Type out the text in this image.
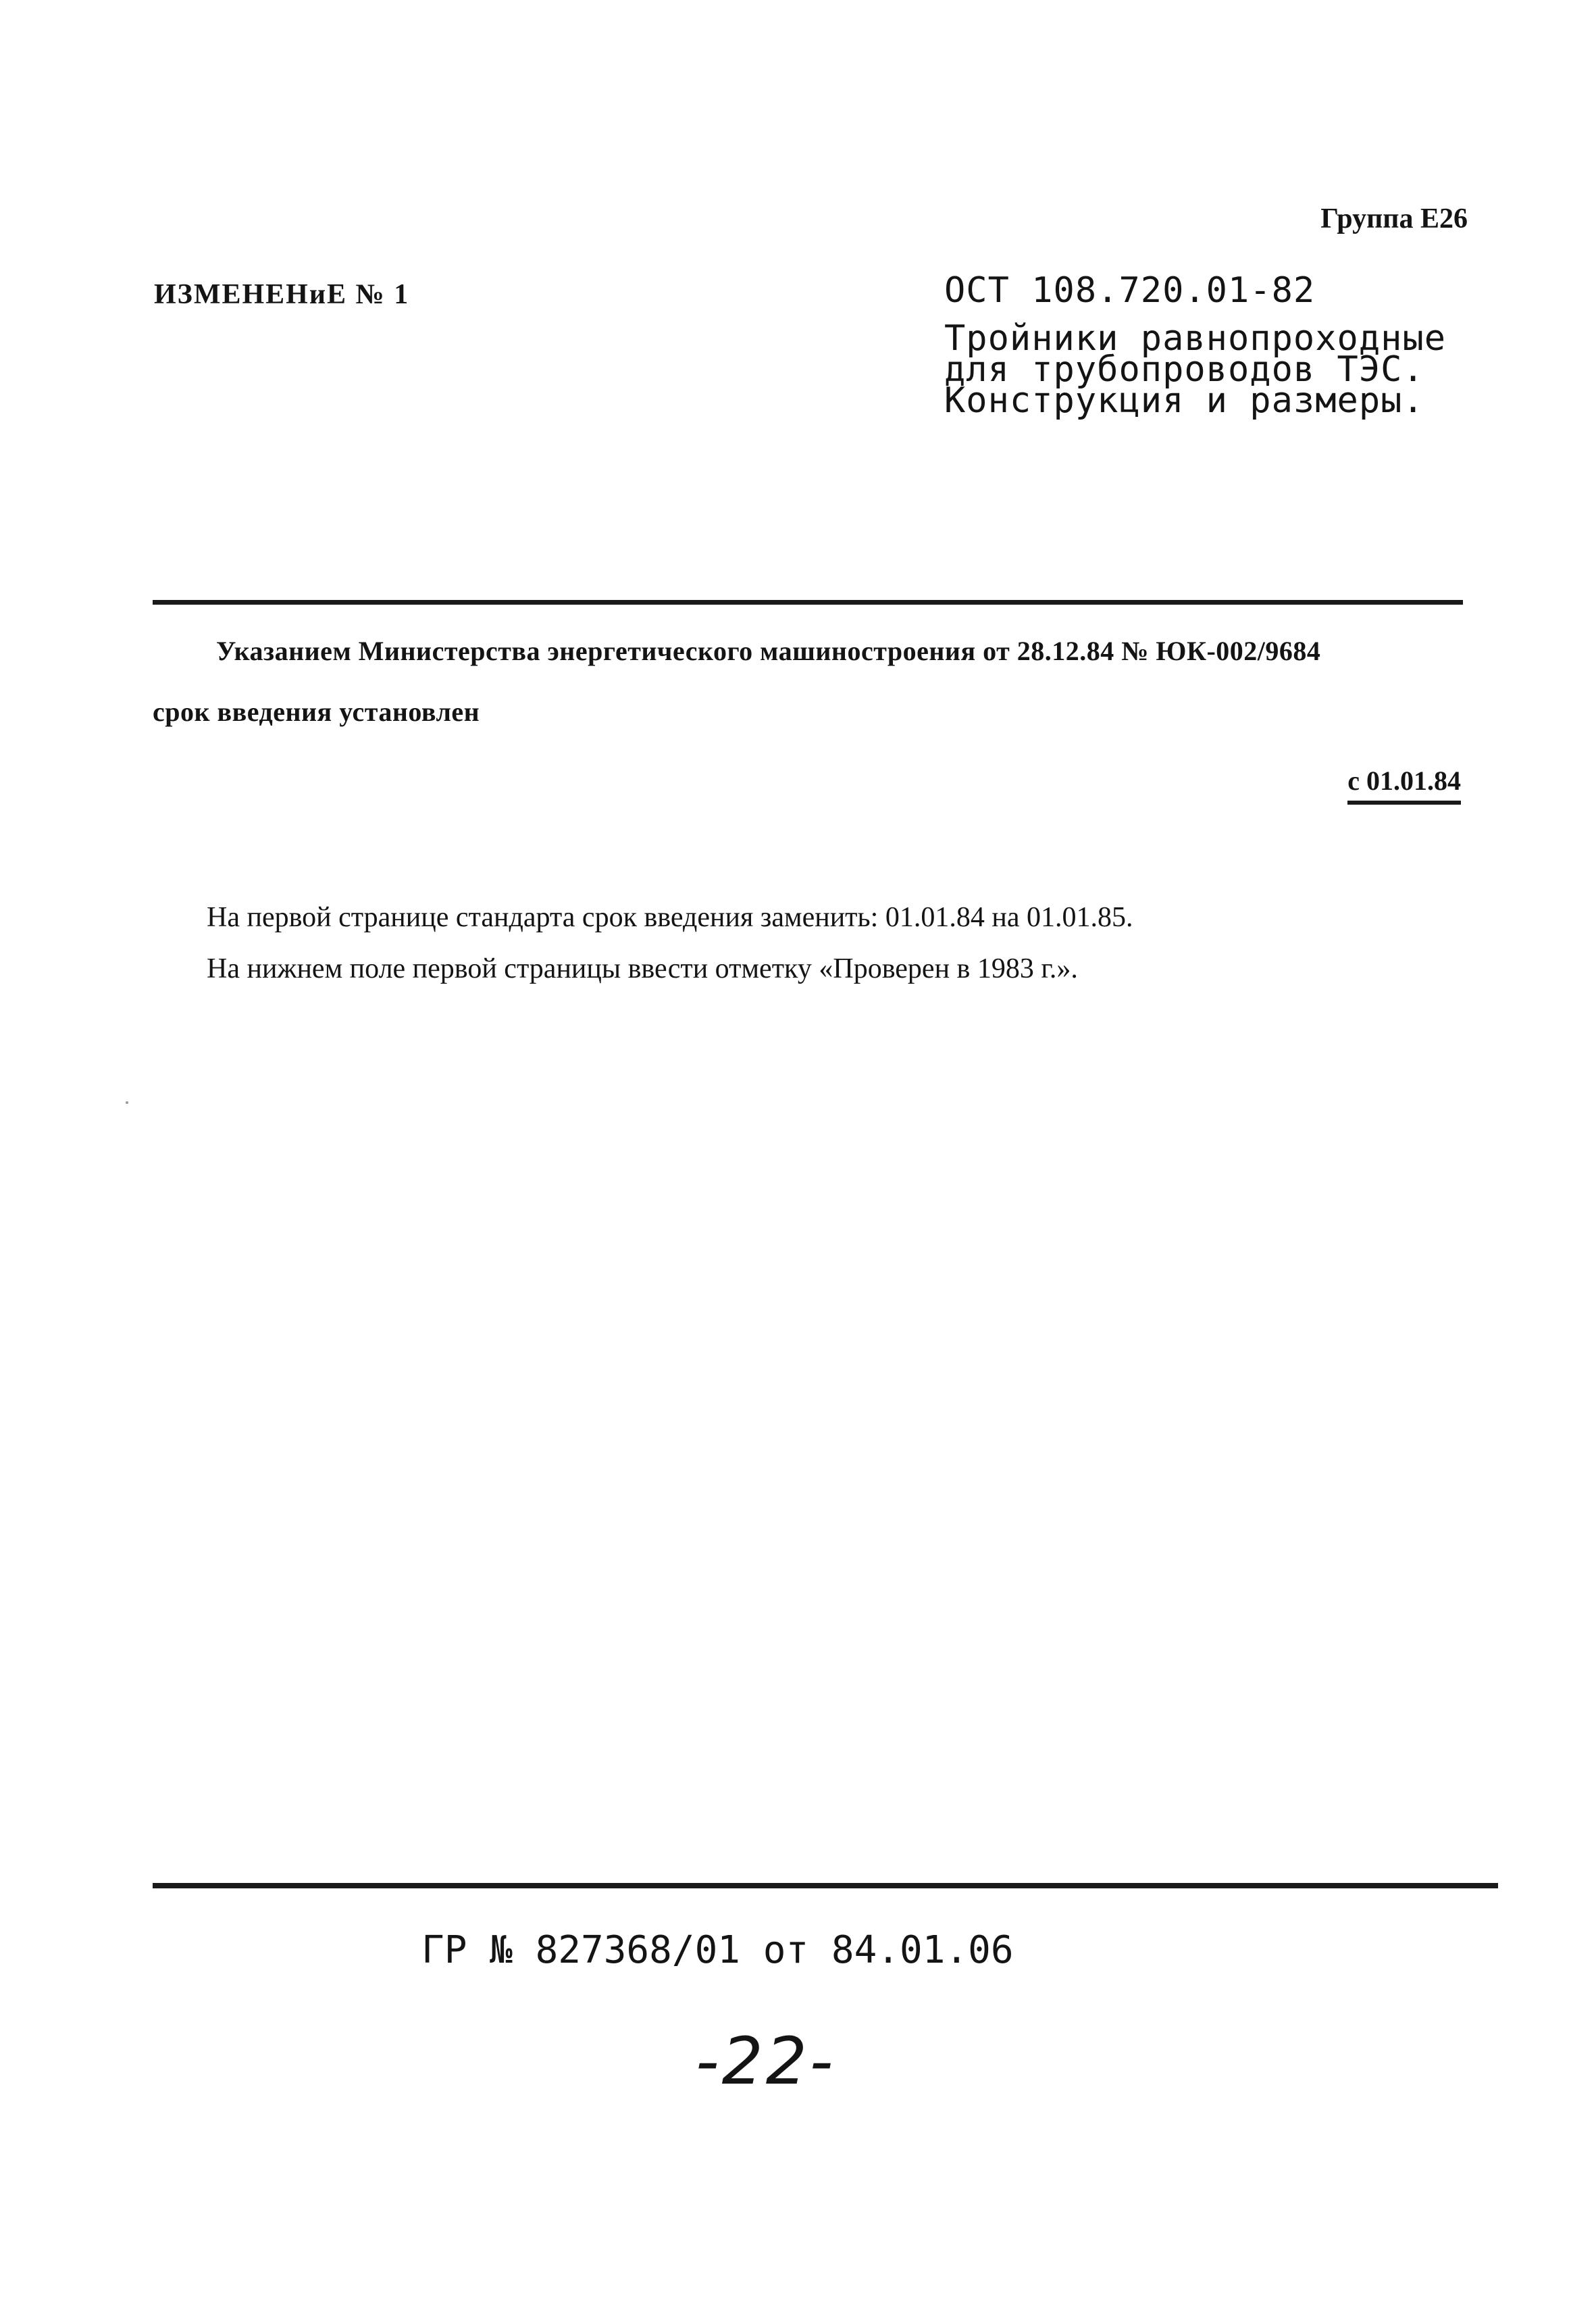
Группа Е26
ИЗМЕНЕНиЕ № 1	ОСТ 108.720.01-82
Тройники равнопроходные
для трубопроводов ТЭС.
Конструкция и размеры.
Указанием Министерства энергетического машиностроения от 28.12.84 № ЮК-002/9684
срок введения установлен
с 01.01.84
На первой странице стандарта срок введения заменить: 01.01.84 на 01.01.85.
На нижнем поле первой страницы ввести отметку «Проверен в 1983 г.».
ГР № 827368/01 от 84.01.06
-22-
